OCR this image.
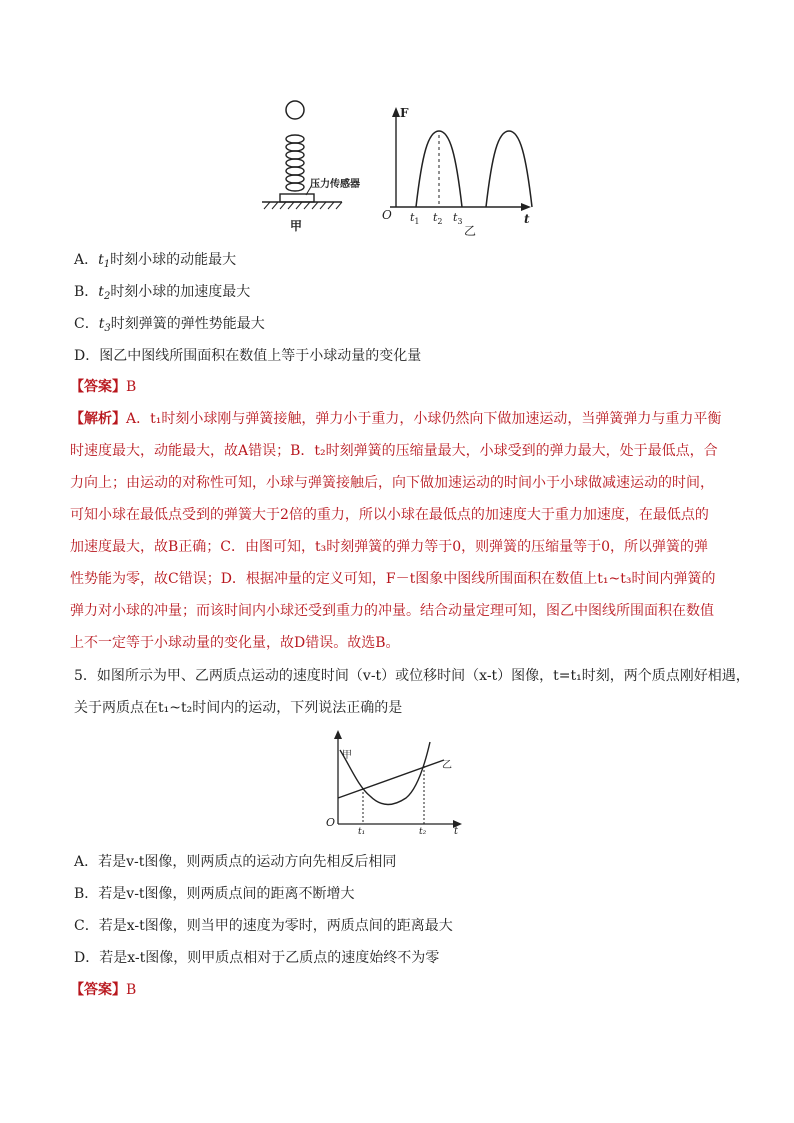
压力传感器
甲
F
t
O $t_1$ $t_2$ $t_3$
乙
A．$t_1$时刻小球的动能最大
B．$t_2$时刻小球的加速度最大
C．$t_3$时刻弹簧的弹性势能最大
D．图乙中图线所围面积在数值上等于小球动量的变化量
【答案】B
【解析】A．t₁时刻小球刚与弹簧接触，弹力小于重力，小球仍然向下做加速运动，当弹簧弹力与重力平衡
时速度最大，动能最大，故A错误；B．t₂时刻弹簧的压缩量最大，小球受到的弹力最大，处于最低点，合
力向上；由运动的对称性可知，小球与弹簧接触后，向下做加速运动的时间小于小球做减速运动的时间，
可知小球在最低点受到的弹簧大于2倍的重力，所以小球在最低点的加速度大于重力加速度，在最低点的
加速度最大，故B正确；C．由图可知，t₃时刻弹簧的弹力等于0，则弹簧的压缩量等于0，所以弹簧的弹
性势能为零，故C错误；D．根据冲量的定义可知，F－t图象中图线所围面积在数值上t₁~t₃时间内弹簧的
弹力对小球的冲量；而该时间内小球还受到重力的冲量。结合动量定理可知，图乙中图线所围面积在数值
上不一定等于小球动量的变化量，故D错误。故选B。
5．如图所示为甲、乙两质点运动的速度时间（v-t）或位移时间（x-t）图像，t=t₁时刻，两个质点刚好相遇，
关于两质点在t₁~t₂时间内的运动，下列说法正确的是
O
t
甲
乙
t₁	t₂
A．若是v-t图像，则两质点的运动方向先相反后相同
B．若是v-t图像，则两质点间的距离不断增大
C．若是x-t图像，则当甲的速度为零时，两质点间的距离最大
D．若是x-t图像，则甲质点相对于乙质点的速度始终不为零
【答案】B
